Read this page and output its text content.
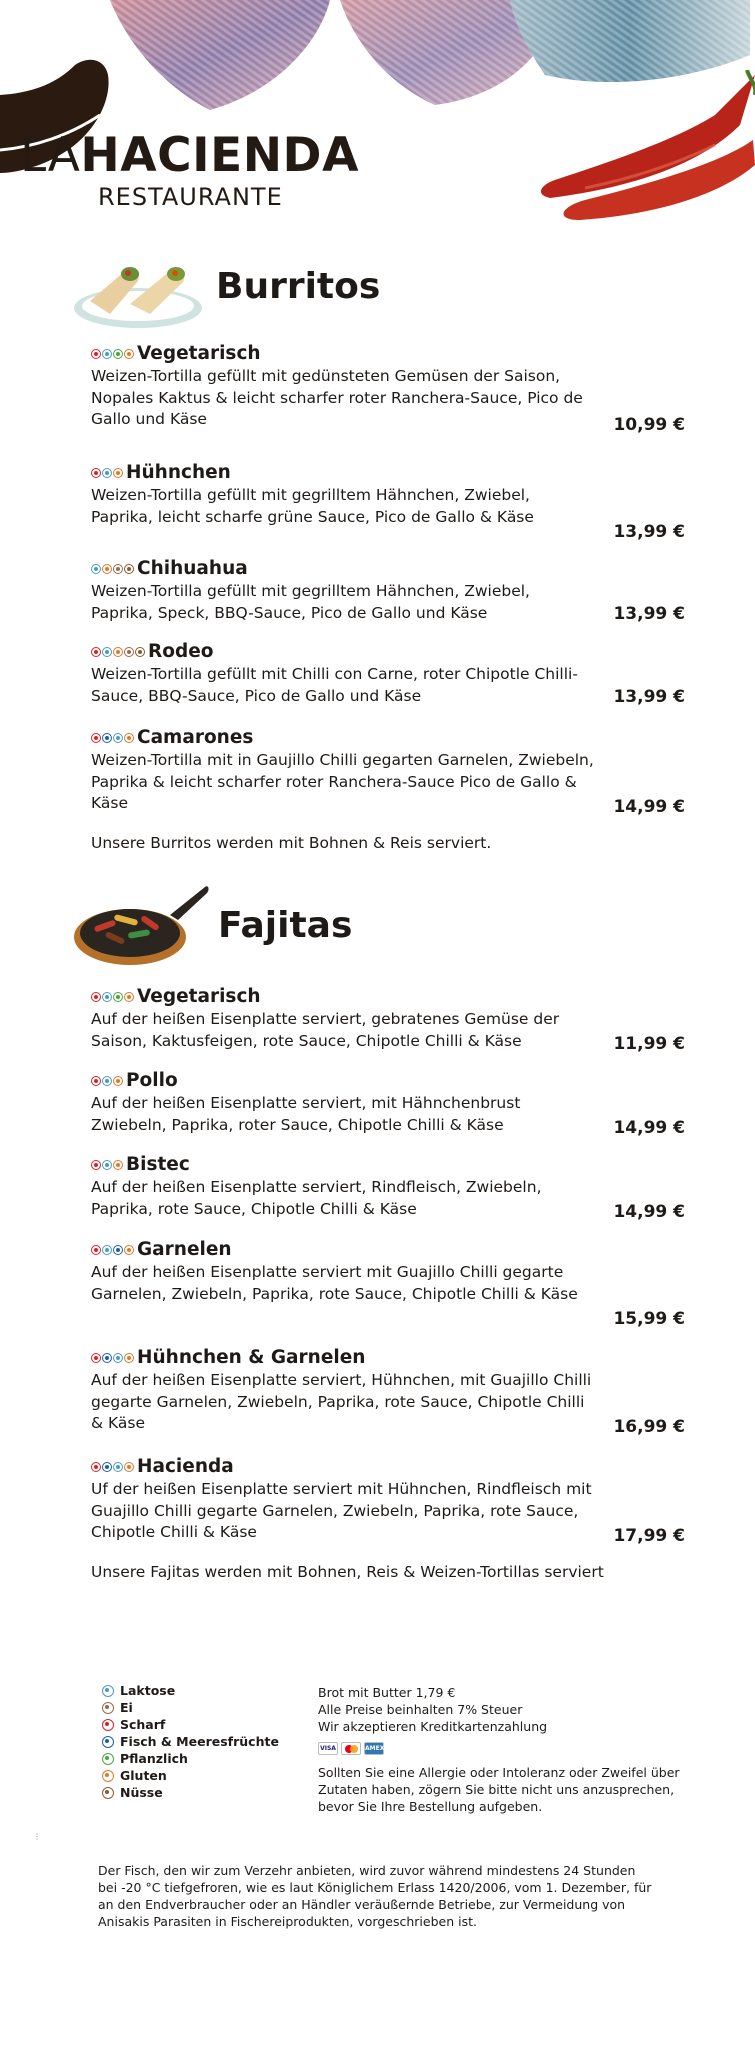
LAHACIENDA
RESTAURANTE
Burritos
Vegetarisch
Weizen-Tortilla gefüllt mit gedünsteten Gemüsen der Saison, Nopales Kaktus & leicht scharfer roter Ranchera-Sauce, Pico de Gallo und Käse	10,99 €
Hühnchen
Weizen-Tortilla gefüllt mit gegrilltem Hähnchen, Zwiebel, Paprika, leicht scharfe grüne Sauce, Pico de Gallo & Käse
13,99 €
Chihuahua
Weizen-Tortilla gefüllt mit gegrilltem Hähnchen, Zwiebel, Paprika, Speck, BBQ-Sauce, Pico de Gallo und Käse	13,99 €
Rodeo
Weizen-Tortilla gefüllt mit Chilli con Carne, roter Chipotle Chilli-Sauce, BBQ-Sauce, Pico de Gallo und Käse	13,99 €
Camarones
Weizen-Tortilla mit in Gaujillo Chilli gegarten Garnelen, Zwiebeln, Paprika & leicht scharfer roter Ranchera-Sauce Pico de Gallo & Käse	14,99 €
Unsere Burritos werden mit Bohnen & Reis serviert.
Fajitas
Vegetarisch
Auf der heißen Eisenplatte serviert, gebratenes Gemüse der Saison, Kaktusfeigen, rote Sauce, Chipotle Chilli & Käse	11,99 €
Pollo
Auf der heißen Eisenplatte serviert, mit Hähnchenbrust Zwiebeln, Paprika, roter Sauce, Chipotle Chilli & Käse	14,99 €
Bistec
Auf der heißen Eisenplatte serviert, Rindfleisch, Zwiebeln, Paprika, rote Sauce, Chipotle Chilli & Käse	14,99 €
Garnelen
Auf der heißen Eisenplatte serviert mit Guajillo Chilli gegarte Garnelen, Zwiebeln, Paprika, rote Sauce, Chipotle Chilli & Käse
15,99 €
Hühnchen & Garnelen
Auf der heißen Eisenplatte serviert, Hühnchen, mit Guajillo Chilli gegarte Garnelen, Zwiebeln, Paprika, rote Sauce, Chipotle Chilli & Käse	16,99 €
Hacienda
Uf der heißen Eisenplatte serviert mit Hühnchen, Rindfleisch mit Guajillo Chilli gegarte Garnelen, Zwiebeln, Paprika, rote Sauce, Chipotle Chilli & Käse	17,99 €
Unsere Fajitas werden mit Bohnen, Reis & Weizen-Tortillas serviert
Laktose
Ei
Scharf
Fisch & Meeresfrüchte
Pflanzlich
Gluten
Nüsse
Brot mit Butter 1,79 €
Alle Preise beinhalten 7% Steuer
Wir akzeptieren Kreditkartenzahlung
VISA	AMEX
Sollten Sie eine Allergie oder Intoleranz oder Zweifel über Zutaten haben, zögern Sie bitte nicht uns anzusprechen, bevor Sie Ihre Bestellung aufgeben.
⋮
Der Fisch, den wir zum Verzehr anbieten, wird zuvor während mindestens 24 Stunden bei -20 °C tiefgefroren, wie es laut Königlichem Erlass 1420/2006, vom 1. Dezember, für an den Endverbraucher oder an Händler veräußernde Betriebe, zur Vermeidung von Anisakis Parasiten in Fischereiprodukten, vorgeschrieben ist.
